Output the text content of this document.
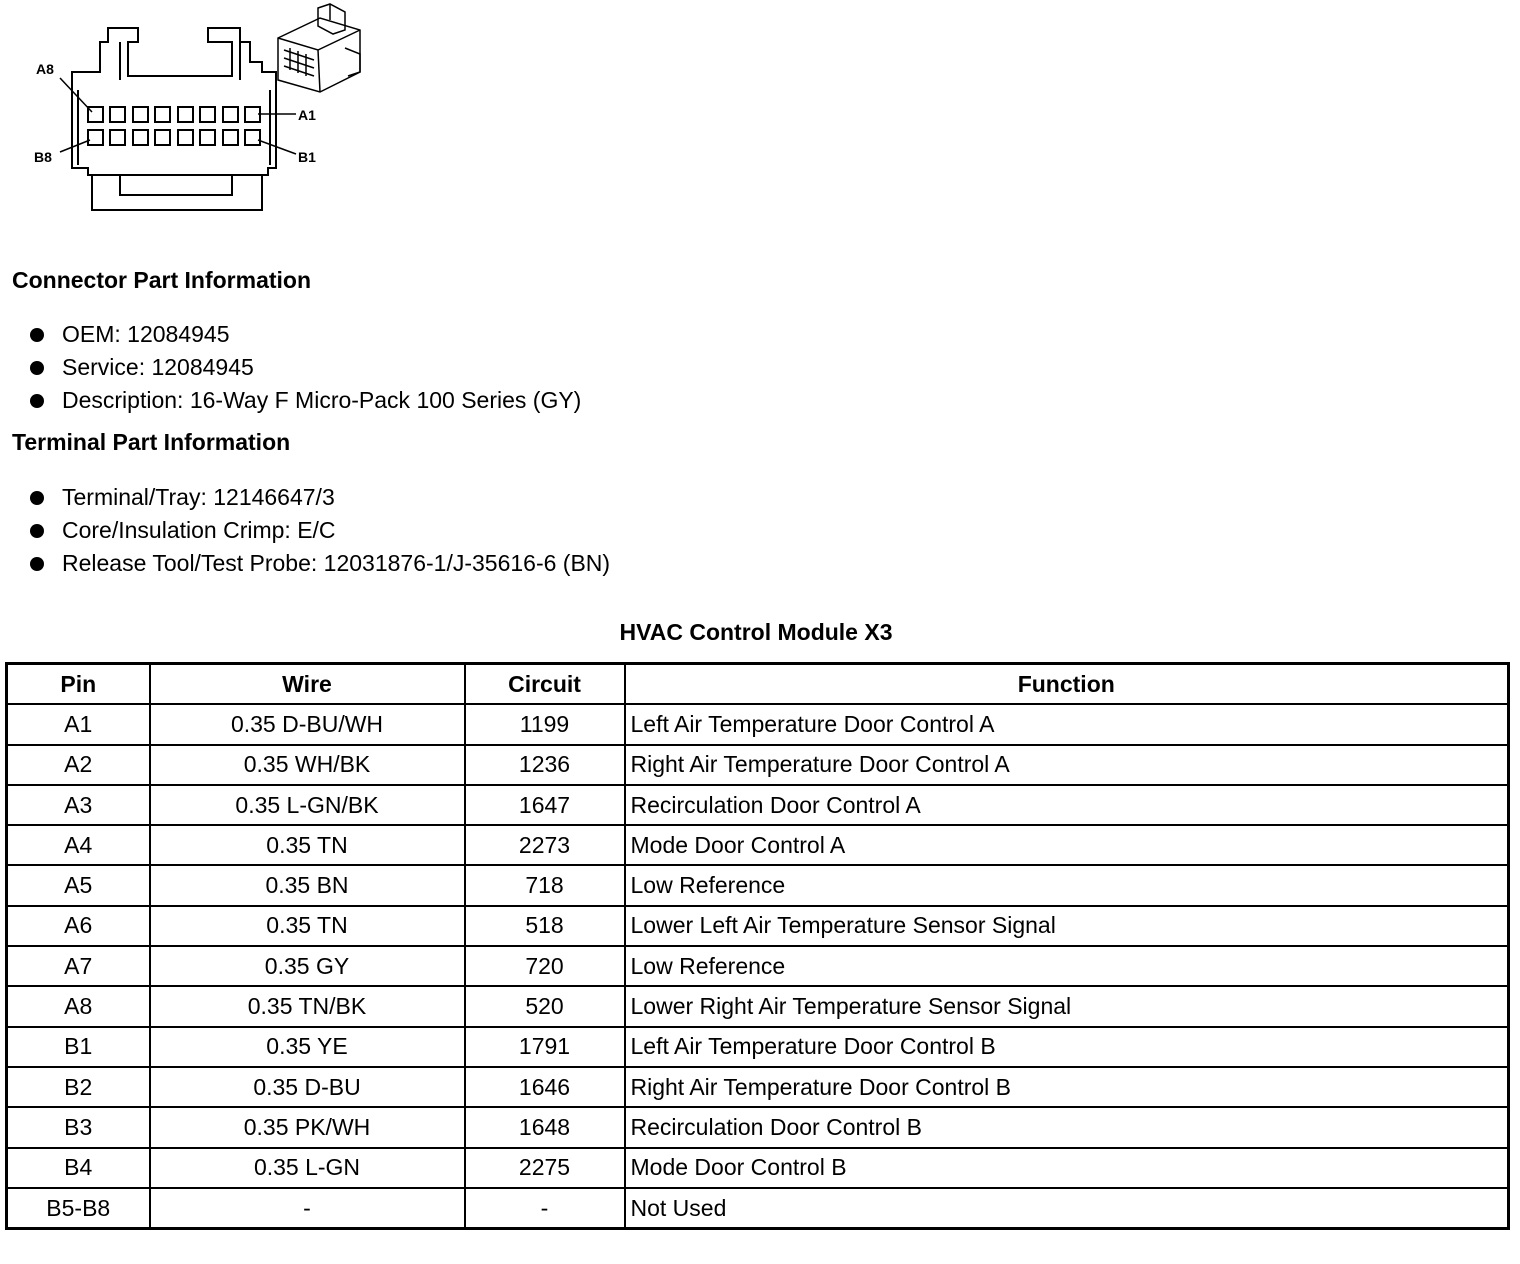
A8
A1
B8	B1
Connector Part Information
OEM: 12084945
Service: 12084945
Description: 16-Way F Micro-Pack 100 Series (GY)
Terminal Part Information
Terminal/Tray: 12146647/3
Core/Insulation Crimp: E/C
Release Tool/Test Probe: 12031876-1/J-35616-6 (BN)
HVAC Control Module X3
Pin	Wire	Circuit	Function
A1	0.35 D-BU/WH	1199	Left Air Temperature Door Control A
A2	0.35 WH/BK	1236	Right Air Temperature Door Control A
A3	0.35 L-GN/BK	1647	Recirculation Door Control A
A4	0.35 TN	2273	Mode Door Control A
A5	0.35 BN	718	Low Reference
A6	0.35 TN	518	Lower Left Air Temperature Sensor Signal
A7	0.35 GY	720	Low Reference
A8	0.35 TN/BK	520	Lower Right Air Temperature Sensor Signal
B1	0.35 YE	1791	Left Air Temperature Door Control B
B2	0.35 D-BU	1646	Right Air Temperature Door Control B
B3	0.35 PK/WH	1648	Recirculation Door Control B
B4	0.35 L-GN	2275	Mode Door Control B
B5-B8	-	-	Not Used
